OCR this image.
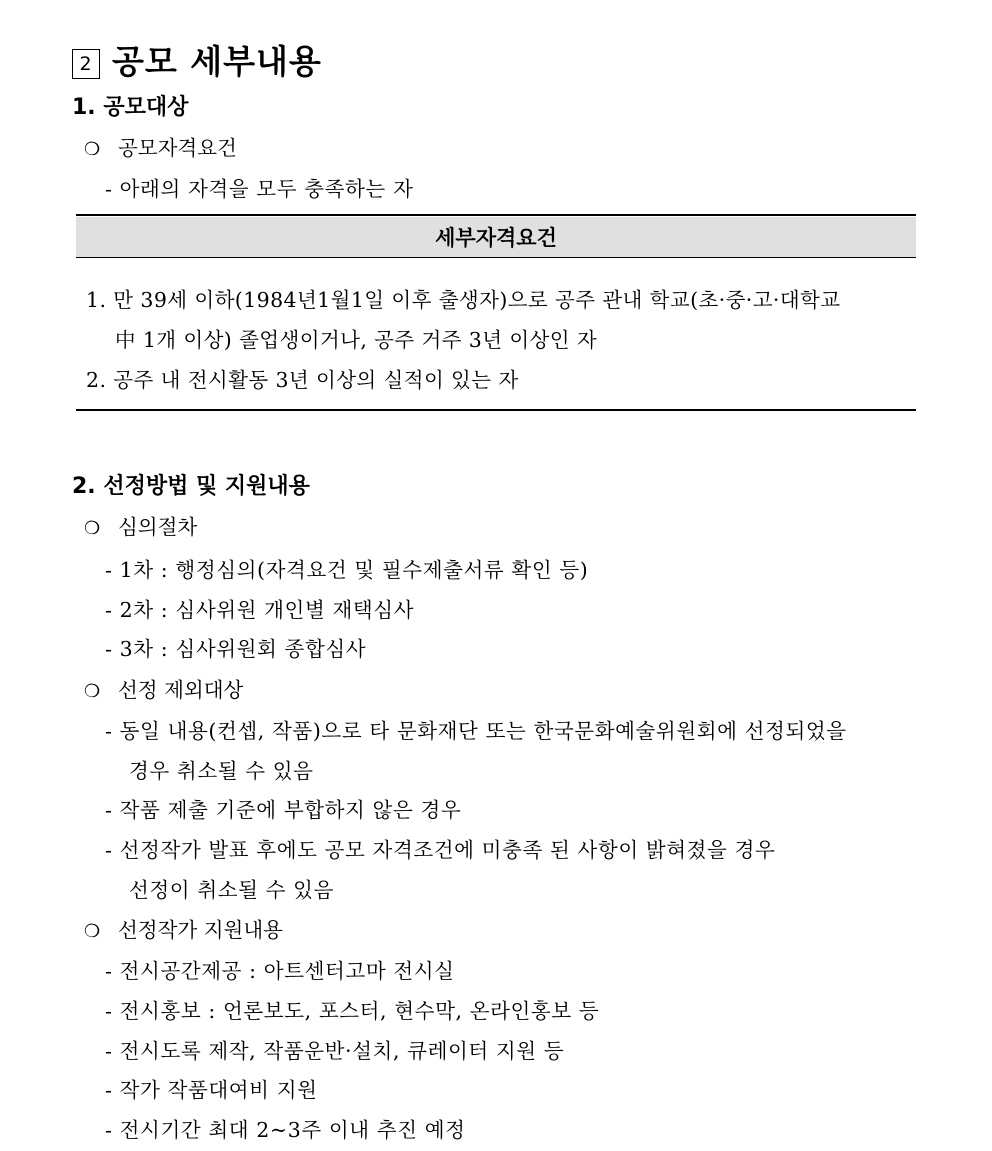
2 공모 세부내용
1. 공모대상
❍ 공모자격요건
- 아래의 자격을 모두 충족하는 자
세부자격요건
1. 만 39세 이하(1984년1월1일 이후 출생자)으로 공주 관내 학교(초·중·고·대학교
中 1개 이상) 졸업생이거나, 공주 거주 3년 이상인 자
2. 공주 내 전시활동 3년 이상의 실적이 있는 자
2. 선정방법 및 지원내용
❍ 심의절차
- 1차 : 행정심의(자격요건 및 필수제출서류 확인 등)
- 2차 : 심사위원 개인별 재택심사
- 3차 : 심사위원회 종합심사
❍ 선정 제외대상
- 동일 내용(컨셉, 작품)으로 타 문화재단 또는 한국문화예술위원회에 선정되었을
경우 취소될 수 있음
- 작품 제출 기준에 부합하지 않은 경우
- 선정작가 발표 후에도 공모 자격조건에 미충족 된 사항이 밝혀졌을 경우
선정이 취소될 수 있음
❍ 선정작가 지원내용
- 전시공간제공 : 아트센터고마 전시실
- 전시홍보 : 언론보도, 포스터, 현수막, 온라인홍보 등
- 전시도록 제작, 작품운반·설치, 큐레이터 지원 등
- 작가 작품대여비 지원
- 전시기간 최대 2~3주 이내 추진 예정
